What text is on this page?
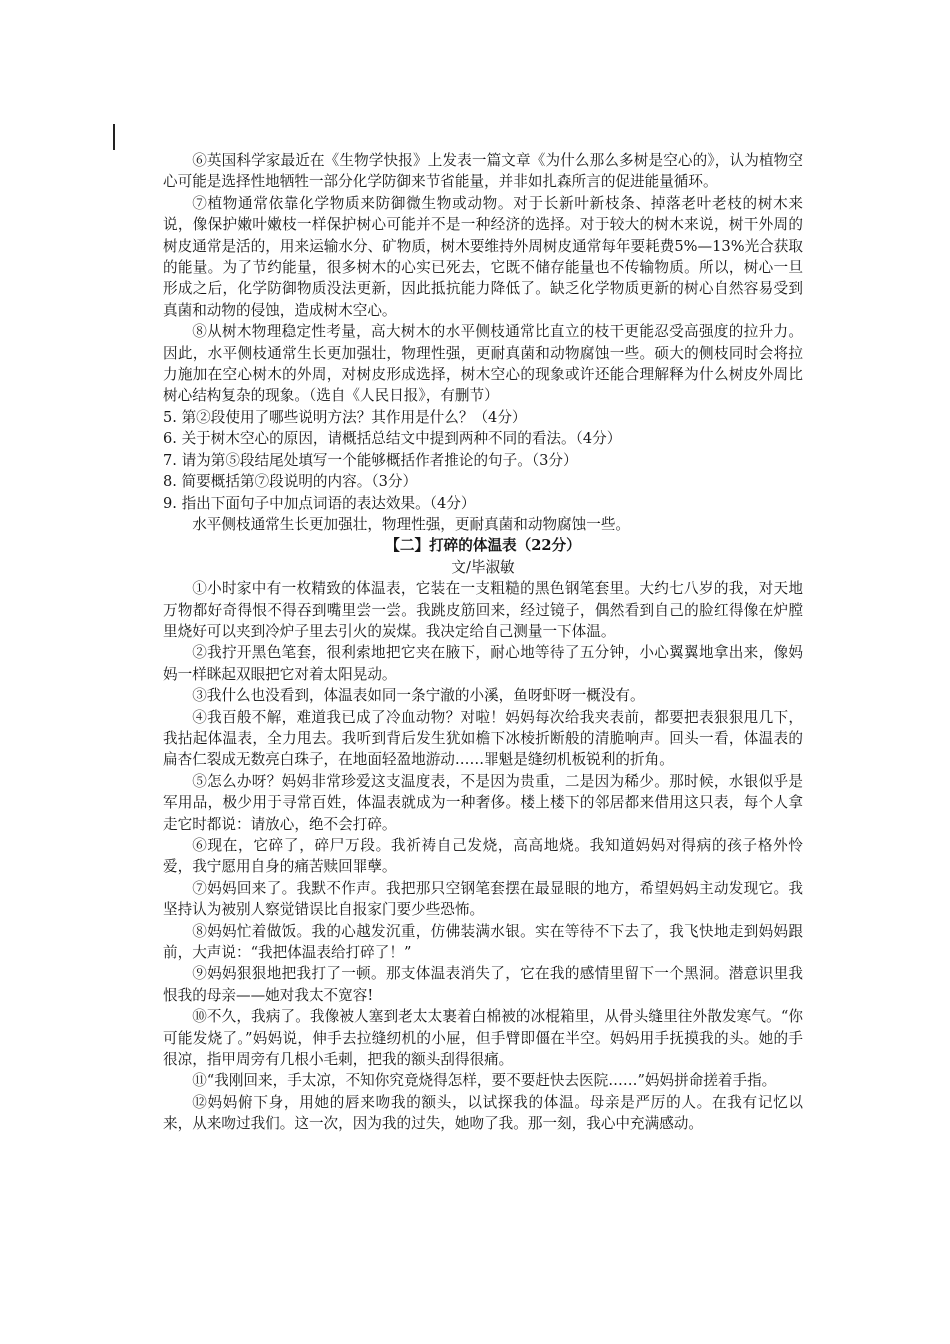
⑥英国科学家最近在《生物学快报》上发表一篇文章《为什么那么多树是空心的》，认为植物空心可能是选择性地牺牲一部分化学防御来节省能量，并非如扎森所言的促进能量循环。

⑦植物通常依靠化学物质来防御微生物或动物。对于长新叶新枝条、掉落老叶老枝的树木来说，像保护嫩叶嫩枝一样保护树心可能并不是一种经济的选择。对于较大的树木来说，树干外周的树皮通常是活的，用来运输水分、矿物质，树木要维持外周树皮通常每年要耗费5%—13%光合获取的能量。为了节约能量，很多树木的心实已死去，它既不储存能量也不传输物质。所以，树心一旦形成之后，化学防御物质没法更新，因此抵抗能力降低了。缺乏化学物质更新的树心自然容易受到真菌和动物的侵蚀，造成树木空心。

⑧从树木物理稳定性考量，高大树木的水平侧枝通常比直立的枝干更能忍受高强度的拉升力。因此，水平侧枝通常生长更加强壮，物理性强，更耐真菌和动物腐蚀一些。硕大的侧枝同时会将拉力施加在空心树木的外周，对树皮形成选择，树木空心的现象或许还能合理解释为什么树皮外周比树心结构复杂的现象。（选自《人民日报》，有删节）

5. 第②段使用了哪些说明方法？其作用是什么？（4分）

6. 关于树木空心的原因，请概括总结文中提到两种不同的看法。（4分）

7. 请为第⑤段结尾处填写一个能够概括作者推论的句子。（3分）

8. 简要概括第⑦段说明的内容。（3分）

9. 指出下面句子中加点词语的表达效果。（4分）

水平侧枝通常生长更加强壮，物理性强，更耐真菌和动物腐蚀一些。

【二】打碎的体温表（22分）

文/毕淑敏

①小时家中有一枚精致的体温表，它装在一支粗糙的黑色钢笔套里。大约七八岁的我，对天地万物都好奇得恨不得吞到嘴里尝一尝。我跳皮筋回来，经过镜子，偶然看到自己的脸红得像在炉膛里烧好可以夹到冷炉子里去引火的炭煤。我决定给自己测量一下体温。

②我拧开黑色笔套，很利索地把它夹在腋下，耐心地等待了五分钟，小心翼翼地拿出来，像妈妈一样眯起双眼把它对着太阳晃动。

③我什么也没看到，体温表如同一条宁澈的小溪，鱼呀虾呀一概没有。

④我百般不解，难道我已成了冷血动物？对啦！妈妈每次给我夹表前，都要把表狠狠甩几下，我拈起体温表，全力甩去。我听到背后发生犹如檐下冰棱折断般的清脆响声。回头一看，体温表的扁杏仁裂成无数亮白珠子，在地面轻盈地游动……罪魁是缝纫机板锐利的折角。

⑤怎么办呀？妈妈非常珍爱这支温度表，不是因为贵重，二是因为稀少。那时候，水银似乎是军用品，极少用于寻常百姓，体温表就成为一种奢侈。楼上楼下的邻居都来借用这只表，每个人拿走它时都说：请放心，绝不会打碎。

⑥现在，它碎了，碎尸万段。我祈祷自己发烧，高高地烧。我知道妈妈对得病的孩子格外怜爱，我宁愿用自身的痛苦赎回罪孽。

⑦妈妈回来了。我默不作声。我把那只空钢笔套摆在最显眼的地方，希望妈妈主动发现它。我坚持认为被别人察觉错误比自报家门要少些恐怖。

⑧妈妈忙着做饭。我的心越发沉重，仿佛装满水银。实在等待不下去了，我飞快地走到妈妈跟前，大声说：“我把体温表给打碎了！”

⑨妈妈狠狠地把我打了一顿。那支体温表消失了，它在我的感情里留下一个黑洞。潜意识里我恨我的母亲——她对我太不宽容!

⑩不久，我病了。我像被人塞到老太太裹着白棉被的冰棍箱里，从骨头缝里往外散发寒气。“你可能发烧了。”妈妈说，伸手去拉缝纫机的小屉，但手臂即僵在半空。妈妈用手抚摸我的头。她的手很凉，指甲周旁有几根小毛刺，把我的额头刮得很痛。

⑪“我刚回来，手太凉，不知你究竟烧得怎样，要不要赶快去医院……”妈妈拼命搓着手指。

⑫妈妈俯下身，用她的唇来吻我的额头，以试探我的体温。母亲是严厉的人。在我有记忆以来，从来吻过我们。这一次，因为我的过失，她吻了我。那一刻，我心中充满感动。
